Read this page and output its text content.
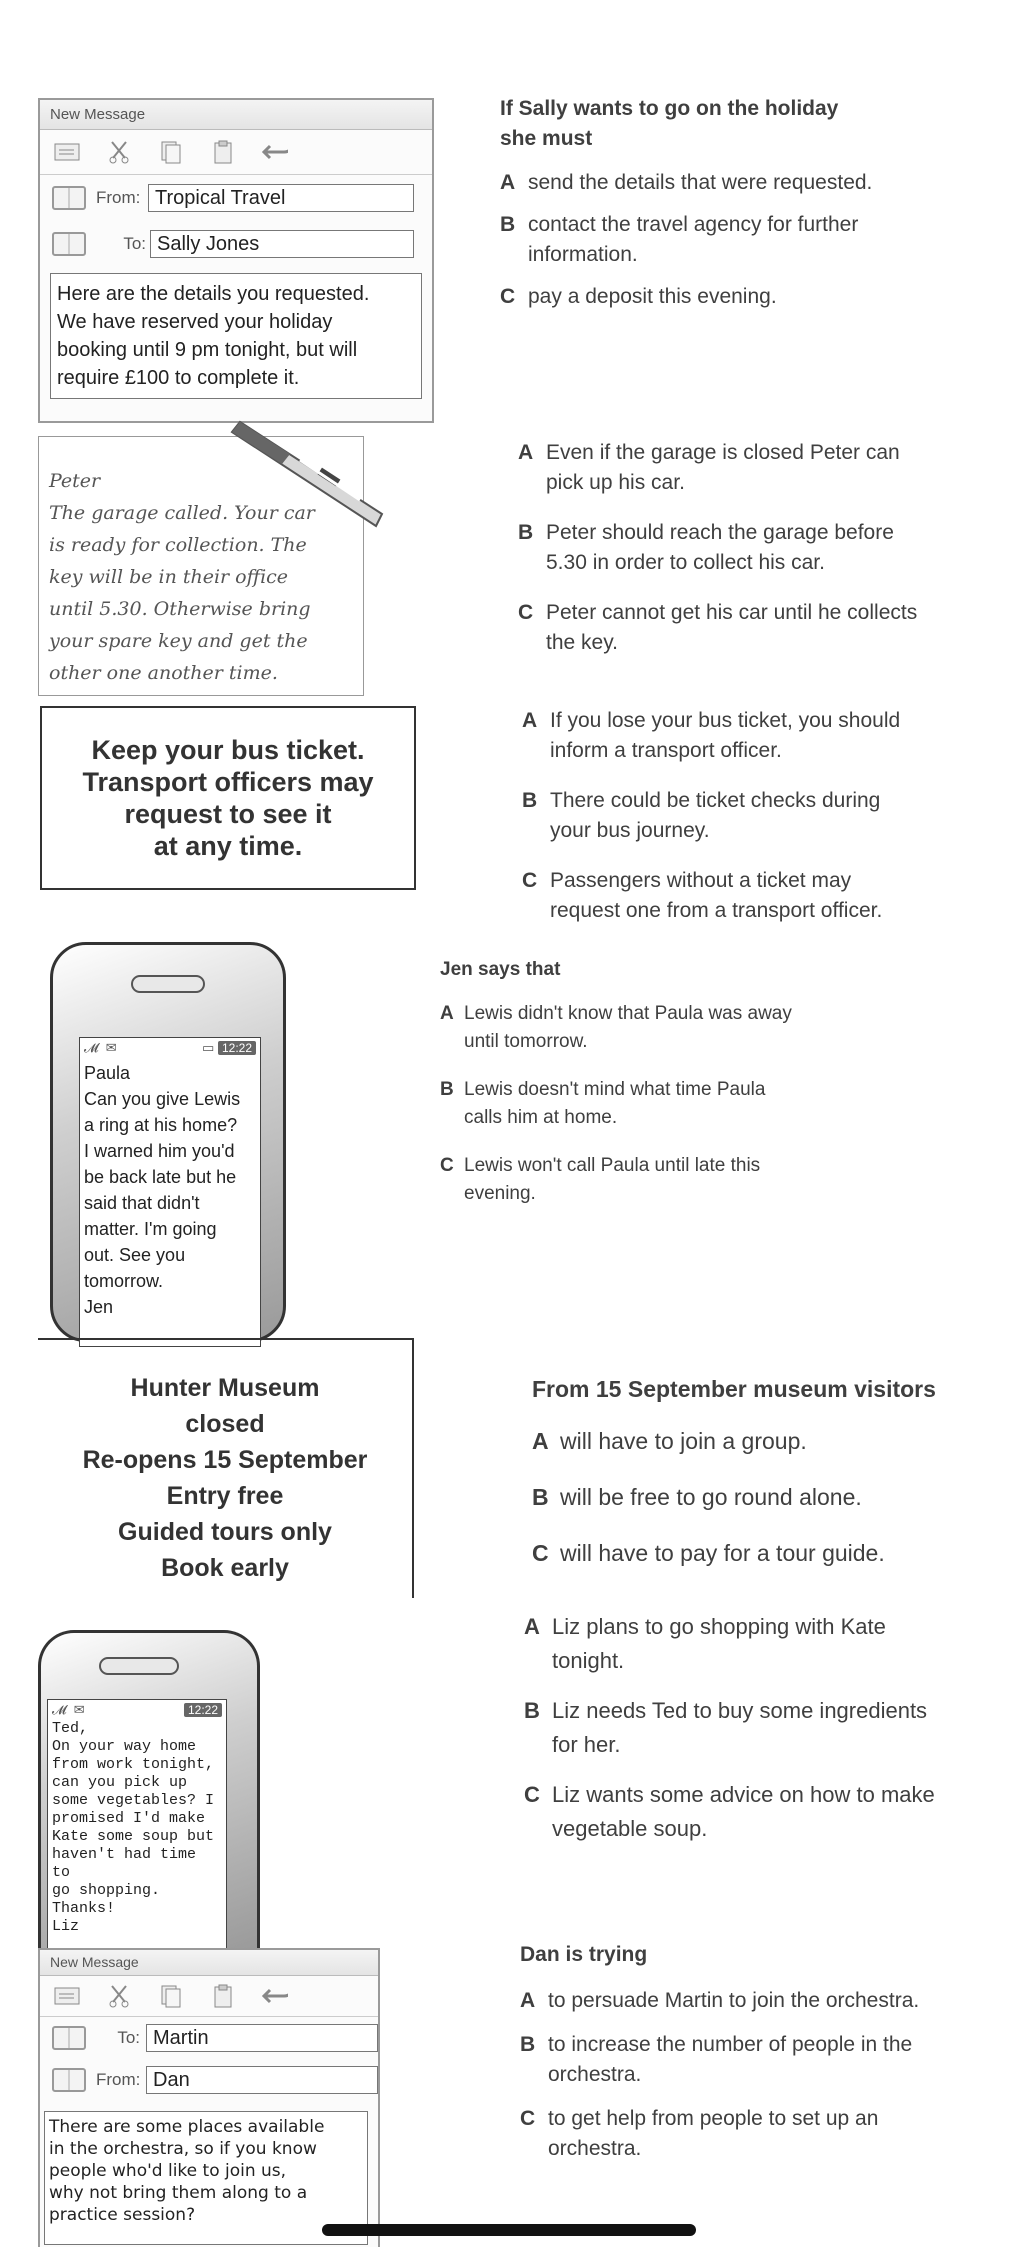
New Message
From: Tropical Travel
To: Sally Jones
Here are the details you requested.
We have reserved your holiday
booking until 9 pm tonight, but will
require £100 to complete it.
If Sally wants to go on the holiday
she must
A send the details that were requested.
B contact the travel agency for further
information.
C pay a deposit this evening.
Peter
The garage called. Your car
is ready for collection. The
key will be in their office
until 5.30. Otherwise bring
your spare key and get the
other one another time.
A Even if the garage is closed Peter can
pick up his car.
B Peter should reach the garage before
5.30 in order to collect his car.
C Peter cannot get his car until he collects
the key.
Keep your bus ticket.
Transport officers may
request to see it
at any time.
A If you lose your bus ticket, you should
inform a transport officer.
B There could be ticket checks during
your bus journey.
C Passengers without a ticket may
request one from a transport officer.
𝓜  ✉	▭ 12:22
Paula
Can you give Lewis
a ring at his home?
I warned him you'd
be back late but he
said that didn't
matter. I'm going
out. See you
tomorrow.
Jen
Jen says that
A Lewis didn't know that Paula was away
until tomorrow.
B Lewis doesn't mind what time Paula
calls him at home.
C Lewis won't call Paula until late this
evening.
Hunter Museum
closed
Re-opens 15 September
Entry free
Guided tours only
Book early
From 15 September museum visitors
A will have to join a group.
B will be free to go round alone.
C will have to pay for a tour guide.
𝓜  ✉	12:22
Ted,
On your way home
from work tonight,
can you pick up
some vegetables? I
promised I'd make
Kate some soup but
haven't had time to
go shopping.
Thanks!
Liz
A Liz plans to go shopping with Kate
tonight.
B Liz needs Ted to buy some ingredients
for her.
C Liz wants some advice on how to make
vegetable soup.
New Message
To: Martin
From: Dan
There are some places available
in the orchestra, so if you know
people who'd like to join us,
why not bring them along to a
practice session?
Dan is trying
A to persuade Martin to join the orchestra.
B to increase the number of people in the
orchestra.
C to get help from people to set up an
orchestra.
